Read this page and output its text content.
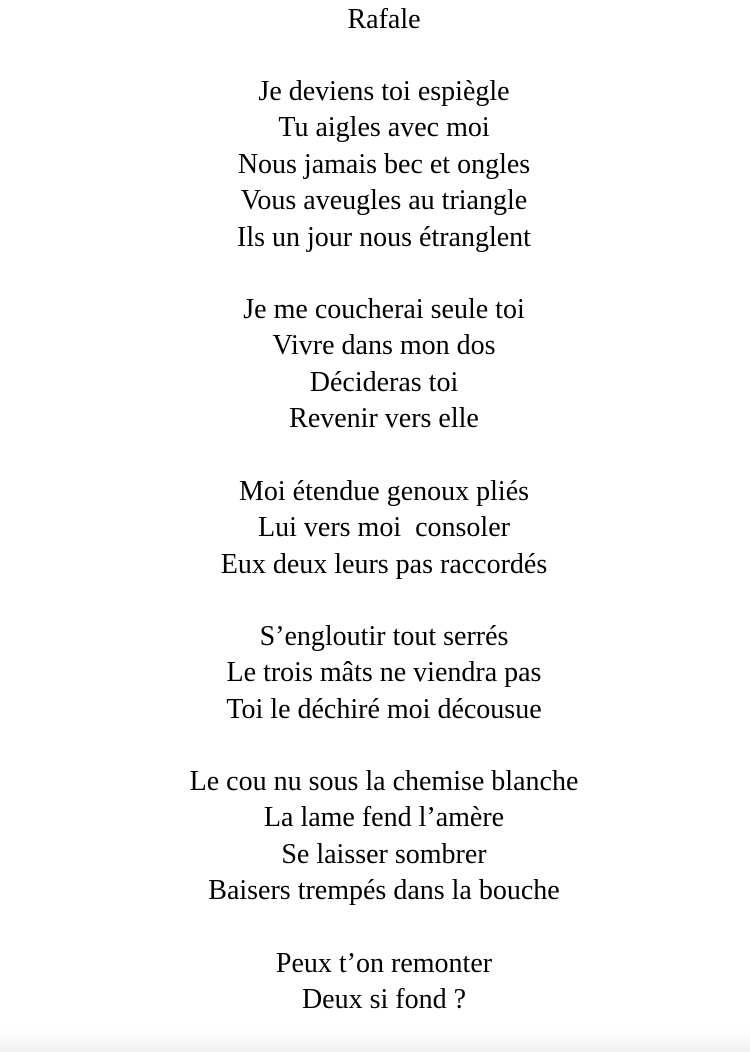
Rafale
Je deviens toi espiègle
Tu aigles avec moi
Nous jamais bec et ongles
Vous aveugles au triangle
Ils un jour nous étranglent
Je me coucherai seule toi
Vivre dans mon dos
Décideras toi
Revenir vers elle
Moi étendue genoux pliés
Lui vers moi  consoler
Eux deux leurs pas raccordés
S’engloutir tout serrés
Le trois mâts ne viendra pas
Toi le déchiré moi décousue
Le cou nu sous la chemise blanche
La lame fend l’amère
Se laisser sombrer
Baisers trempés dans la bouche
Peux t’on remonter
Deux si fond ?
